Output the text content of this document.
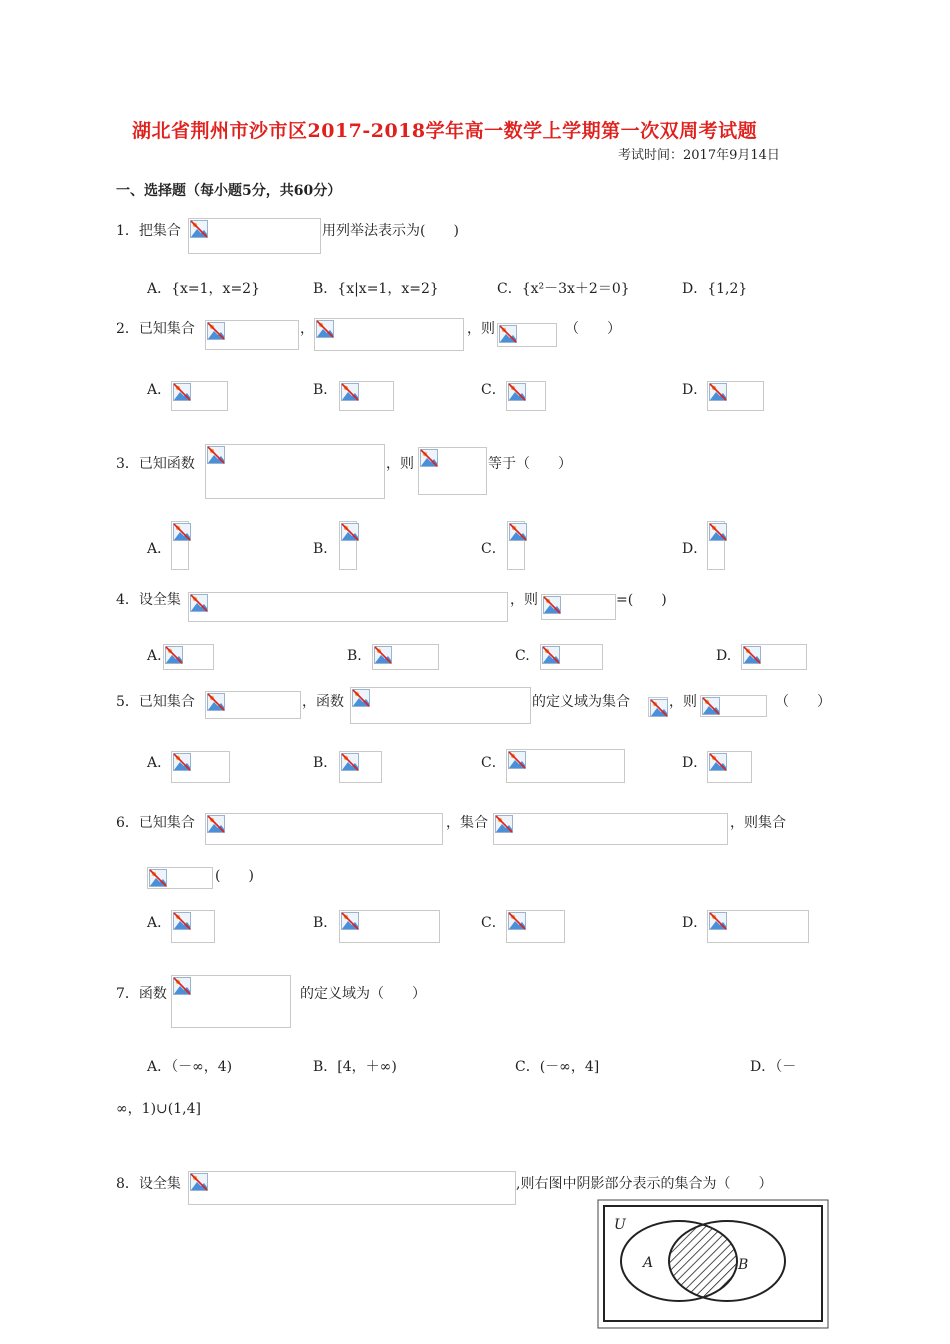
湖北省荆州市沙市区2017-2018学年高一数学上学期第一次双周考试题
考试时间：2017年9月14日
一、选择题（每小题5分，共60分）
1．把集合	用列举法表示为(　　)
A．{x=1，x=2}	B．{x|x=1，x=2}	C．{x²－3x＋2＝0}	D．{1,2}
2．已知集合	，	，则	（　　）
A．	B．	C．	D．
3．已知函数	，则	等于（　　）
A．	B．	C．	D．
4．设全集	，则	=(　　)
A.	B.	C.	D.
5．已知集合	，函数	的定义域为集合	，则	（　　）
A．	B．	C．	D．
6．已知集合	，集合	，则集合
(　　)
A．	B．	C．	D．
7．函数	的定义域为（　　）
A．（－∞，4)	B．[4，＋∞)	C．(－∞，4]	D．（－
∞，1)∪(1,4]
8．设全集	,则右图中阴影部分表示的集合为（　　）
U
A	B
